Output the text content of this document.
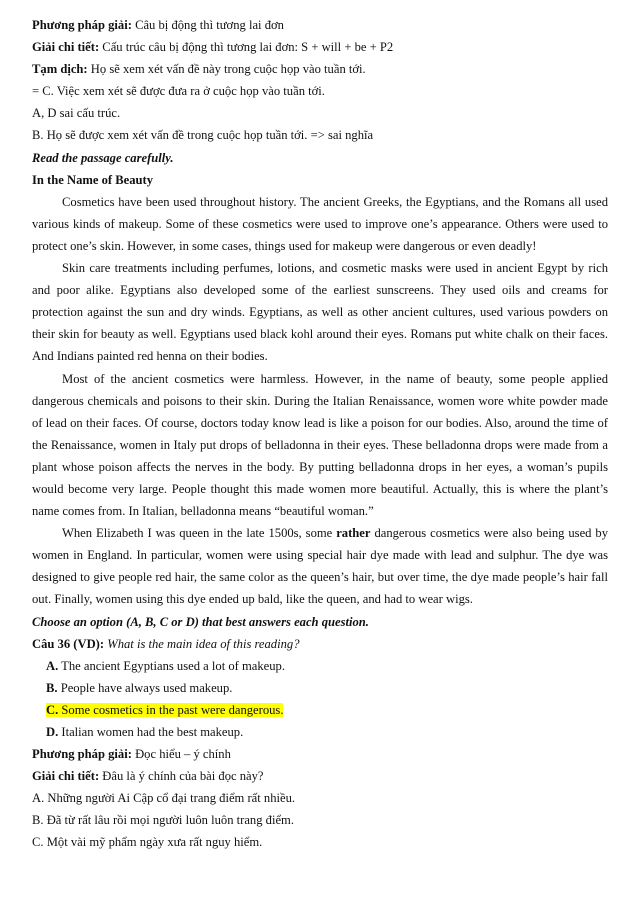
Phương pháp giải: Câu bị động thì tương lai đơn

Giải chi tiết: Cấu trúc câu bị động thì tương lai đơn: S + will + be + P2

Tạm dịch: Họ sẽ xem xét vấn đề này trong cuộc họp vào tuần tới.

= C. Việc xem xét sẽ được đưa ra ở cuộc họp vào tuần tới.

A, D sai cấu trúc.

B. Họ sẽ được xem xét vấn đề trong cuộc họp tuần tới. => sai nghĩa

Read the passage carefully.

In the Name of Beauty

Cosmetics have been used throughout history. The ancient Greeks, the Egyptians, and the Romans all used various kinds of makeup. Some of these cosmetics were used to improve one’s appearance. Others were used to protect one’s skin. However, in some cases, things used for makeup were dangerous or even deadly!

Skin care treatments including perfumes, lotions, and cosmetic masks were used in ancient Egypt by rich and poor alike. Egyptians also developed some of the earliest sunscreens. They used oils and creams for protection against the sun and dry winds. Egyptians, as well as other ancient cultures, used various powders on their skin for beauty as well. Egyptians used black kohl around their eyes. Romans put white chalk on their faces. And Indians painted red henna on their bodies.

Most of the ancient cosmetics were harmless. However, in the name of beauty, some people applied dangerous chemicals and poisons to their skin. During the Italian Renaissance, women wore white powder made of lead on their faces. Of course, doctors today know lead is like a poison for our bodies. Also, around the time of the Renaissance, women in Italy put drops of belladonna in their eyes. These belladonna drops were made from a plant whose poison affects the nerves in the body. By putting belladonna drops in her eyes, a woman’s pupils would become very large. People thought this made women more beautiful. Actually, this is where the plant’s name comes from. In Italian, belladonna means “beautiful woman.”

When Elizabeth I was queen in the late 1500s, some rather dangerous cosmetics were also being used by women in England. In particular, women were using special hair dye made with lead and sulphur. The dye was designed to give people red hair, the same color as the queen’s hair, but over time, the dye made people’s hair fall out. Finally, women using this dye ended up bald, like the queen, and had to wear wigs.

Choose an option (A, B, C or D) that best answers each question.

Câu 36 (VD): What is the main idea of this reading?

A. The ancient Egyptians used a lot of makeup.

B. People have always used makeup.

C. Some cosmetics in the past were dangerous.

D. Italian women had the best makeup.

Phương pháp giải: Đọc hiểu – ý chính

Giải chi tiết: Đâu là ý chính của bài đọc này?

A. Những người Ai Cập cổ đại trang điểm rất nhiều.

B. Đã từ rất lâu rồi mọi người luôn luôn trang điểm.

C. Một vài mỹ phẩm ngày xưa rất nguy hiểm.
